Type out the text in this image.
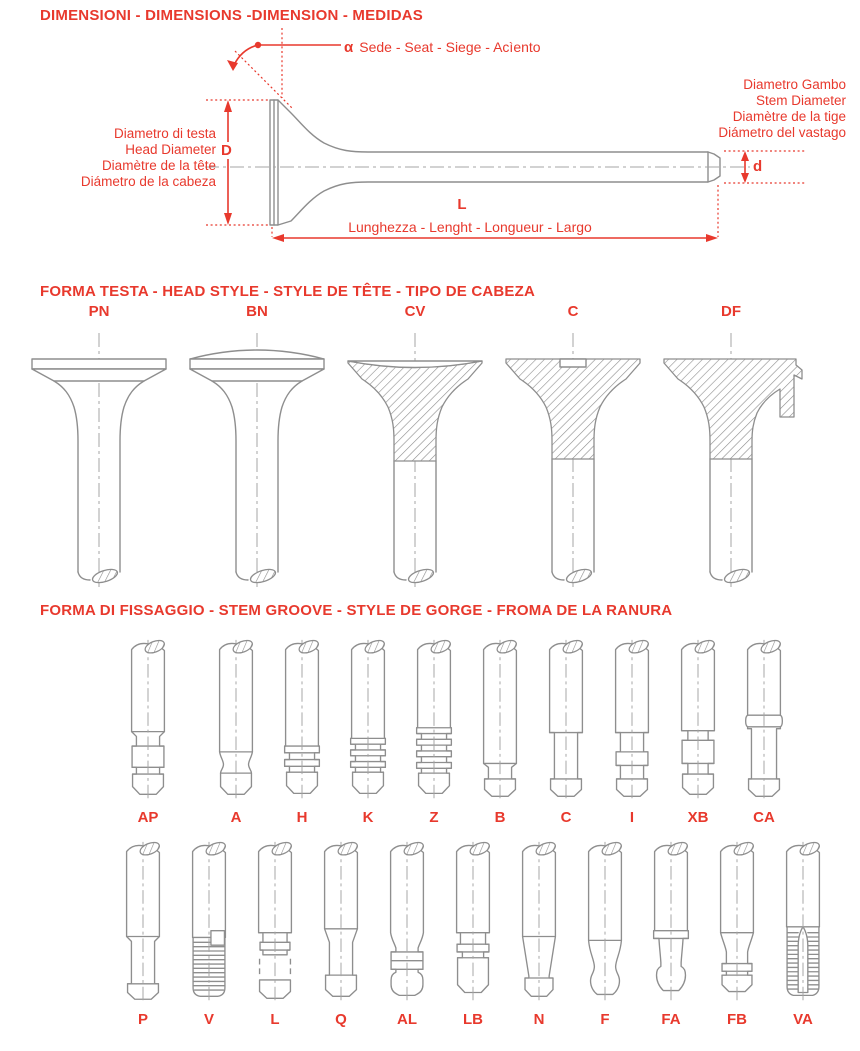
DIMENSIONI - DIMENSIONS -DIMENSION - MEDIDAS
α Sede - Seat - Siege - Acìento
Diametro di testa
Head Diameter
Diamètre de la tête
Diámetro de la cabeza
Diametro Gambo
Stem Diameter
Diamètre de la tige
Diámetro del vastago
D
d
L
Lunghezza - Lenght - Longueur - Largo
FORMA TESTA - HEAD STYLE - STYLE DE TÊTE - TIPO DE CABEZA
PN	BN	CV	C	DF
FORMA DI FISSAGGIO - STEM GROOVE - STYLE DE GORGE - FROMA DE LA RANURA
AP	A	H	K	Z	B	C	I	XB	CA
P	V	L	Q	AL	LB	N	F	FA	FB	VA
